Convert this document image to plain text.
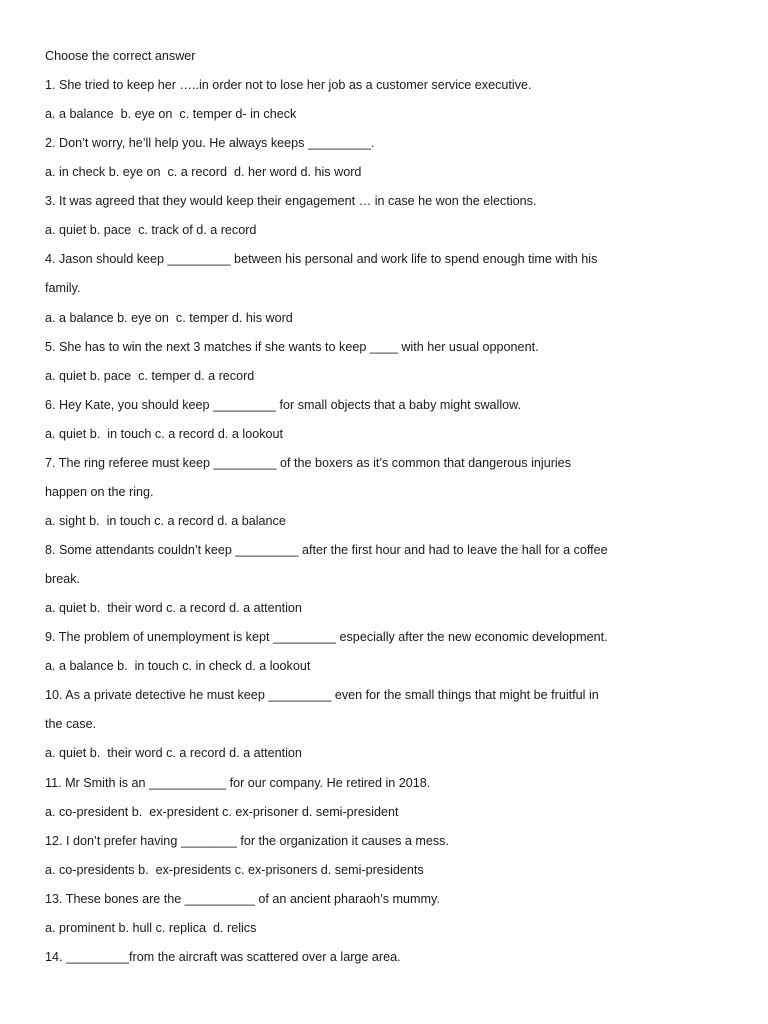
Choose the correct answer
1. She tried to keep her …..in order not to lose her job as a customer service executive.
a. a balance  b. eye on  c. temper d- in check
2. Don’t worry, he’ll help you. He always keeps _________.
a. in check b. eye on  c. a record  d. her word d. his word
3. It was agreed that they would keep their engagement … in case he won the elections.
a. quiet b. pace  c. track of d. a record
4. Jason should keep _________ between his personal and work life to spend enough time with his
family.
a. a balance b. eye on  c. temper d. his word
5. She has to win the next 3 matches if she wants to keep ____ with her usual opponent.
a. quiet b. pace  c. temper d. a record
6. Hey Kate, you should keep _________ for small objects that a baby might swallow.
a. quiet b.  in touch c. a record d. a lookout
7. The ring referee must keep _________ of the boxers as it’s common that dangerous injuries
happen on the ring.
a. sight b.  in touch c. a record d. a balance
8. Some attendants couldn’t keep _________ after the first hour and had to leave the hall for a coffee
break.
a. quiet b.  their word c. a record d. a attention
9. The problem of unemployment is kept _________ especially after the new economic development.
a. a balance b.  in touch c. in check d. a lookout
10. As a private detective he must keep _________ even for the small things that might be fruitful in
the case.
a. quiet b.  their word c. a record d. a attention
11. Mr Smith is an ___________ for our company. He retired in 2018.
a. co-president b.  ex-president c. ex-prisoner d. semi-president
12. I don’t prefer having ________ for the organization it causes a mess.
a. co-presidents b.  ex-presidents c. ex-prisoners d. semi-presidents
13. These bones are the __________ of an ancient pharaoh’s mummy.
a. prominent b. hull c. replica  d. relics
14. _________from the aircraft was scattered over a large area.
